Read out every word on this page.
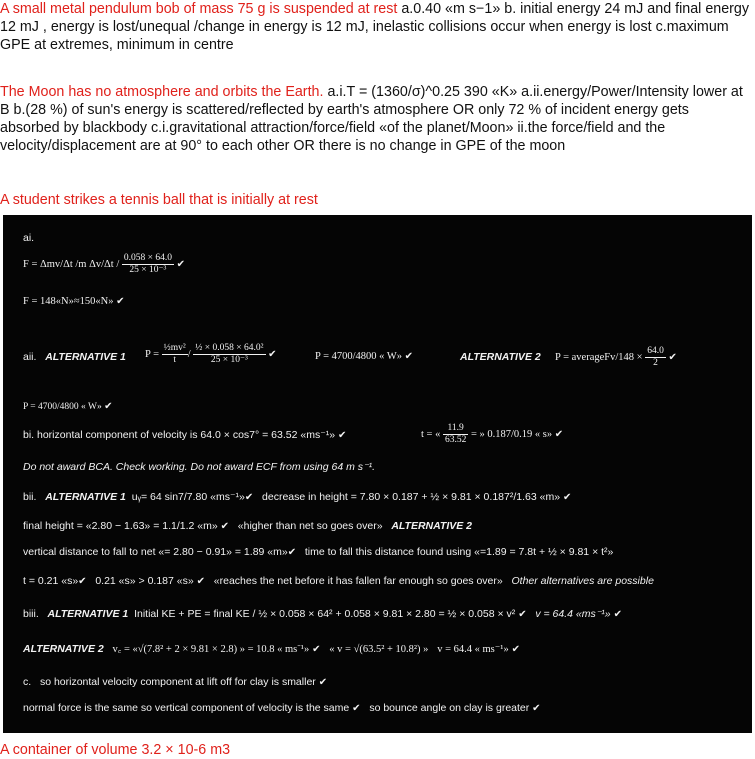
A small metal pendulum bob of mass 75 g is suspended at rest a.0.40 «m s−1» b. initial energy 24 mJ and final energy 12 mJ , energy is lost/unequal /change in energy is 12 mJ, inelastic collisions occur when energy is lost c.maximum GPE at extremes, minimum in centre
The Moon has no atmosphere and orbits the Earth. a.i.T = (1360/σ)^0.25 390 «K» a.ii.energy/Power/Intensity lower at B b.(28 %) of sun's energy is scattered/reflected by earth's atmosphere OR only 72 % of incident energy gets absorbed by blackbody c.i.gravitational attraction/force/field «of the planet/Moon» ii.the force/field and the velocity/displacement are at 90° to each other OR there is no change in GPE of the moon
A student strikes a tennis ball that is initially at rest
ai.
F = Δmv/Δt /m $\Delta v/\Delta t / \frac{0.058 \times 64.0}{\text{25 × 10⁻³}}$ ✔
F = 148«N»≈150«N» ✔
aii. ALTERNATIVE 1 $P = \frac{\text{½mv²}}{t} / \frac{\text{½ × 0.058 × 64.0²}}{\text{25 × 10⁻³}}$ ✔	P = 4700/4800 « W» ✔	ALTERNATIVE 2 P = averageFv/148 × $\frac{64.0}{2}$ ✔
P = 4700/4800 « W» ✔
bi. horizontal component of velocity is 64.0 × cos7° = 63.52 «ms⁻¹» ✔	t = « $\frac{11.9}{63.52}$ = » 0.187/0.19 « s» ✔
Do not award BCA. Check working. Do not award ECF from using 64 m s⁻¹.
bii. ALTERNATIVE 1 uᵧ= 64 sin7/7.80 «ms⁻¹»✔ decrease in height = 7.80 × 0.187 + ½ × 9.81 × 0.187²/1.63 «m» ✔
final height = «2.80 − 1.63» = 1.1/1.2 «m» ✔ «higher than net so goes over» ALTERNATIVE 2
vertical distance to fall to net «= 2.80 − 0.91» = 1.89 «m»✔ time to fall this distance found using «=1.89 = 7.8t + ½ × 9.81 × t²»
t = 0.21 «s»✔ 0.21 «s» > 0.187 «s» ✔ «reaches the net before it has fallen far enough so goes over» Other alternatives are possible
biii. ALTERNATIVE 1 Initial KE + PE = final KE / ½ × 0.058 × 64² + 0.058 × 9.81 × 2.80 = ½ × 0.058 × v² ✔ v = 64.4 «ms⁻¹» ✔
ALTERNATIVE 2 v꜀ = «√(7.8² + 2 × 9.81 × 2.8) » = 10.8 « ms⁻¹» ✔ « v = √(63.5² + 10.8²) » v = 64.4 « ms⁻¹» ✔
c. so horizontal velocity component at lift off for clay is smaller ✔
normal force is the same so vertical component of velocity is the same ✔ so bounce angle on clay is greater ✔
A container of volume 3.2 × 10-6 m3
